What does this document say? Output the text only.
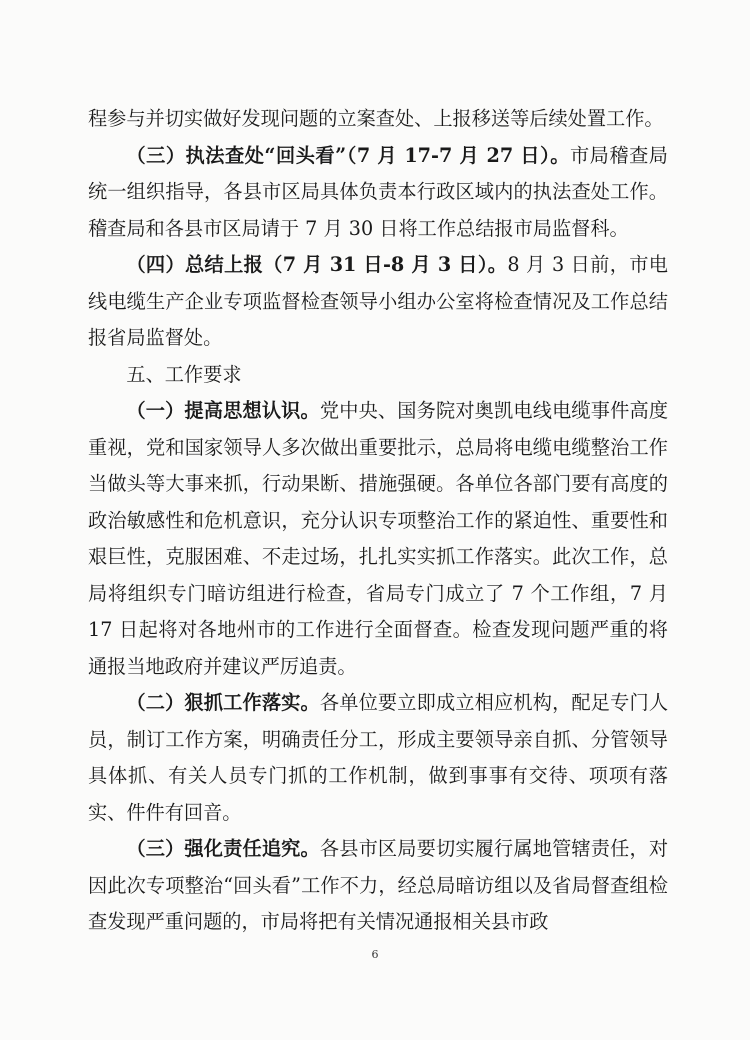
程参与并切实做好发现问题的立案查处、上报移送等后续处置工作。

（三）执法查处“回头看”（7 月 17-7 月 27 日）。市局稽查局统一组织指导，各县市区局具体负责本行政区域内的执法查处工作。稽查局和各县市区局请于 7 月 30 日将工作总结报市局监督科。

（四）总结上报（7 月 31 日-8 月 3 日）。8 月 3 日前，市电线电缆生产企业专项监督检查领导小组办公室将检查情况及工作总结报省局监督处。

五、工作要求

（一）提高思想认识。党中央、国务院对奥凯电线电缆事件高度重视，党和国家领导人多次做出重要批示，总局将电缆电缆整治工作当做头等大事来抓，行动果断、措施强硬。各单位各部门要有高度的政治敏感性和危机意识，充分认识专项整治工作的紧迫性、重要性和艰巨性，克服困难、不走过场，扎扎实实抓工作落实。此次工作，总局将组织专门暗访组进行检查，省局专门成立了 7 个工作组，7 月 17 日起将对各地州市的工作进行全面督查。检查发现问题严重的将通报当地政府并建议严厉追责。

（二）狠抓工作落实。各单位要立即成立相应机构，配足专门人员，制订工作方案，明确责任分工，形成主要领导亲自抓、分管领导具体抓、有关人员专门抓的工作机制，做到事事有交待、项项有落实、件件有回音。

（三）强化责任追究。各县市区局要切实履行属地管辖责任，对因此次专项整治“回头看”工作不力，经总局暗访组以及省局督查组检查发现严重问题的，市局将把有关情况通报相关县市政

6
